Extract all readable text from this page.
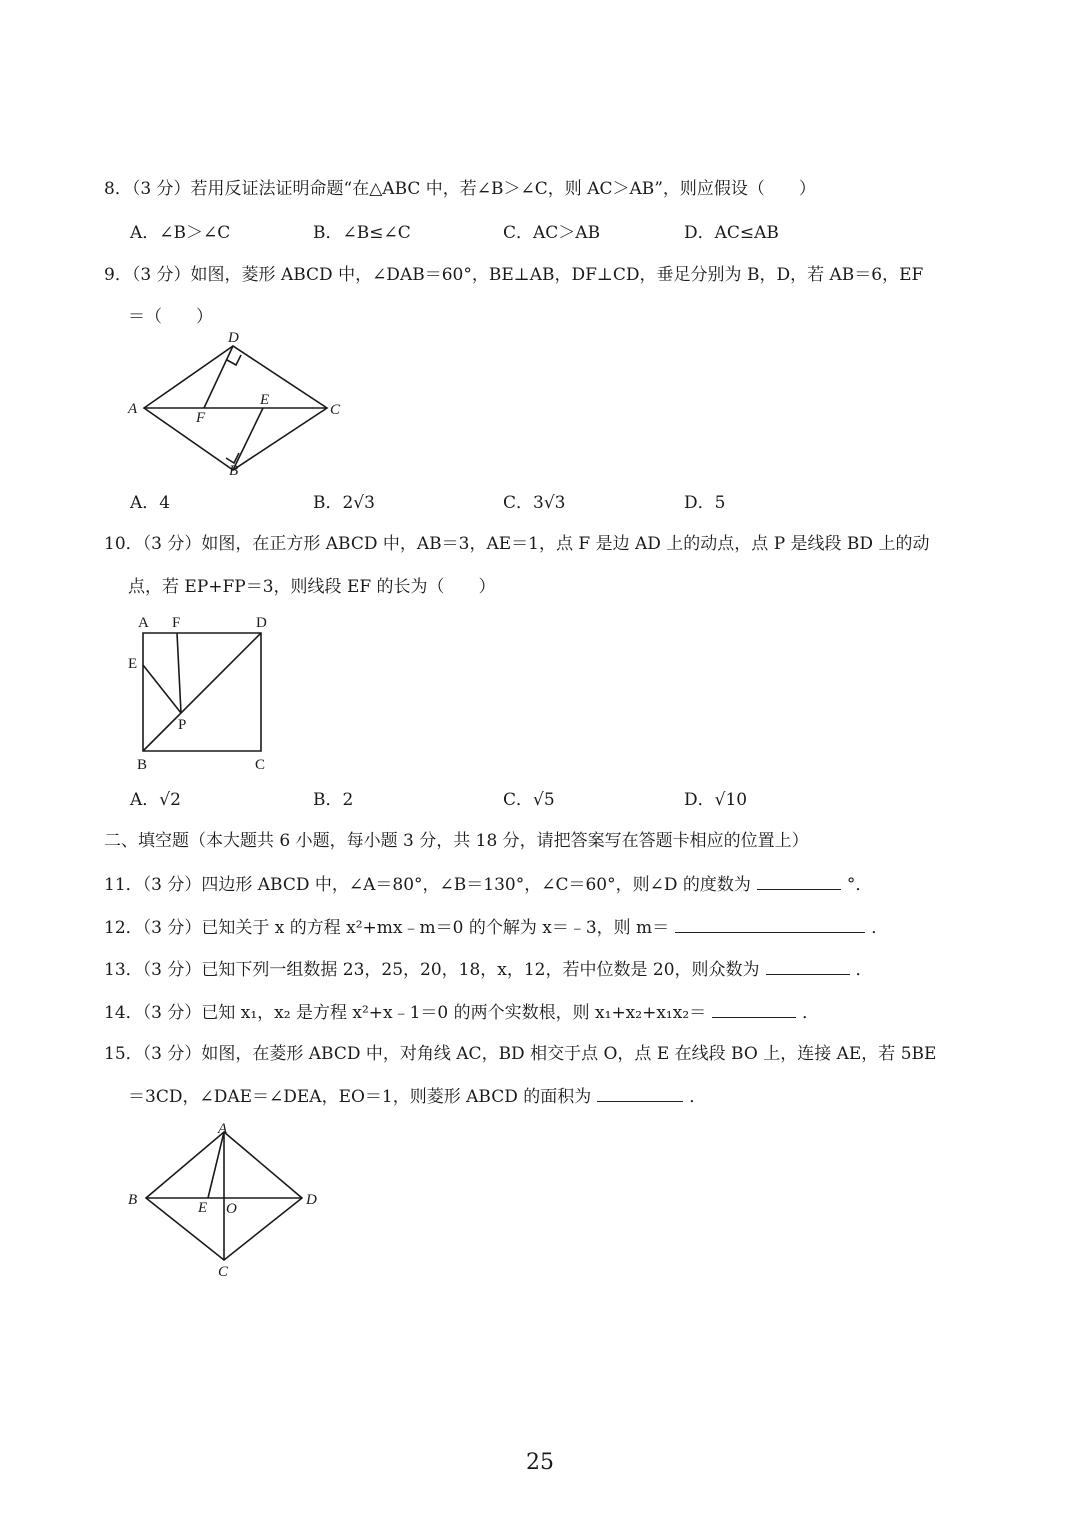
8．（3 分）若用反证法证明命题“在△ABC 中，若∠B＞∠C，则 AC＞AB”，则应假设（　　）
A．∠B＞∠C	B．∠B≤∠C	C．AC＞AB	D．AC≤AB
9．（3 分）如图，菱形 ABCD 中，∠DAB＝60°，BE⊥AB，DF⊥CD，垂足分别为 B，D，若 AB＝6，EF
＝（　　）
D
A	C
E
F
B
A．4	B．2√3	C．3√3	D．5
10．（3 分）如图，在正方形 ABCD 中，AB＝3，AE＝1，点 F 是边 AD 上的动点，点 P 是线段 BD 上的动
点，若 EP+FP＝3，则线段 EF 的长为（　　）
A F	D
E
P
B	C
A．√2	B．2	C．√5	D．√10
二、填空题（本大题共 6 小题，每小题 3 分，共 18 分，请把答案写在答题卡相应的位置上）
11．（3 分）四边形 ABCD 中，∠A＝80°，∠B＝130°，∠C＝60°，则∠D 的度数为	°．
12．（3 分）已知关于 x 的方程 x²+mx﹣m＝0 的个解为 x＝﹣3，则 m＝	．
13．（3 分）已知下列一组数据 23，25，20，18，x，12，若中位数是 20，则众数为	．
14．（3 分）已知 x₁，x₂ 是方程 x²+x﹣1＝0 的两个实数根，则 x₁+x₂+x₁x₂＝	．
15．（3 分）如图，在菱形 ABCD 中，对角线 AC，BD 相交于点 O，点 E 在线段 BO 上，连接 AE，若 5BE
＝3CD，∠DAE＝∠DEA，EO＝1，则菱形 ABCD 的面积为	．
A
B	D
E O
C
25
